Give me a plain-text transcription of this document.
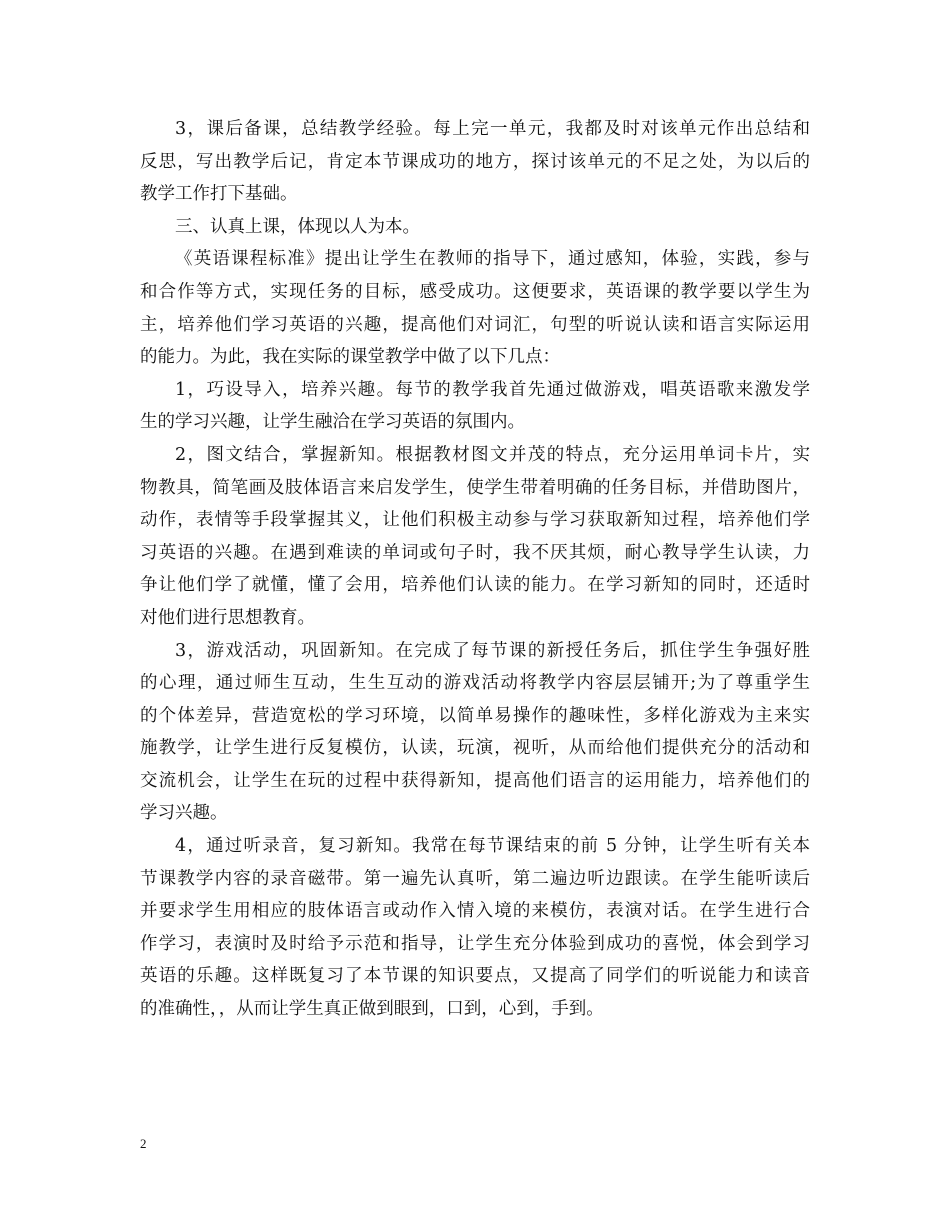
3，课后备课，总结教学经验。每上完一单元，我都及时对该单元作出总结和
反思，写出教学后记，肯定本节课成功的地方，探讨该单元的不足之处，为以后的
教学工作打下基础。

三、认真上课，体现以人为本。

《英语课程标准》提出让学生在教师的指导下，通过感知，体验，实践，参与
和合作等方式，实现任务的目标，感受成功。这便要求，英语课的教学要以学生为
主，培养他们学习英语的兴趣，提高他们对词汇，句型的听说认读和语言实际运用
的能力。为此，我在实际的课堂教学中做了以下几点：

1，巧设导入，培养兴趣。每节的教学我首先通过做游戏，唱英语歌来激发学
生的学习兴趣，让学生融洽在学习英语的氛围内。

2，图文结合，掌握新知。根据教材图文并茂的特点，充分运用单词卡片，实
物教具，简笔画及肢体语言来启发学生，使学生带着明确的任务目标，并借助图片，
动作，表情等手段掌握其义，让他们积极主动参与学习获取新知过程，培养他们学
习英语的兴趣。在遇到难读的单词或句子时，我不厌其烦，耐心教导学生认读，力
争让他们学了就懂，懂了会用，培养他们认读的能力。在学习新知的同时，还适时
对他们进行思想教育。

3，游戏活动，巩固新知。在完成了每节课的新授任务后，抓住学生争强好胜
的心理，通过师生互动，生生互动的游戏活动将教学内容层层铺开;为了尊重学生
的个体差异，营造宽松的学习环境，以简单易操作的趣味性，多样化游戏为主来实
施教学，让学生进行反复模仿，认读，玩演，视听，从而给他们提供充分的活动和
交流机会，让学生在玩的过程中获得新知，提高他们语言的运用能力，培养他们的
学习兴趣。

4，通过听录音，复习新知。我常在每节课结束的前 5 分钟，让学生听有关本
节课教学内容的录音磁带。第一遍先认真听，第二遍边听边跟读。在学生能听读后
并要求学生用相应的肢体语言或动作入情入境的来模仿，表演对话。在学生进行合
作学习，表演时及时给予示范和指导，让学生充分体验到成功的喜悦，体会到学习
英语的乐趣。这样既复习了本节课的知识要点，又提高了同学们的听说能力和读音
的准确性，，从而让学生真正做到眼到，口到，心到，手到。

2
